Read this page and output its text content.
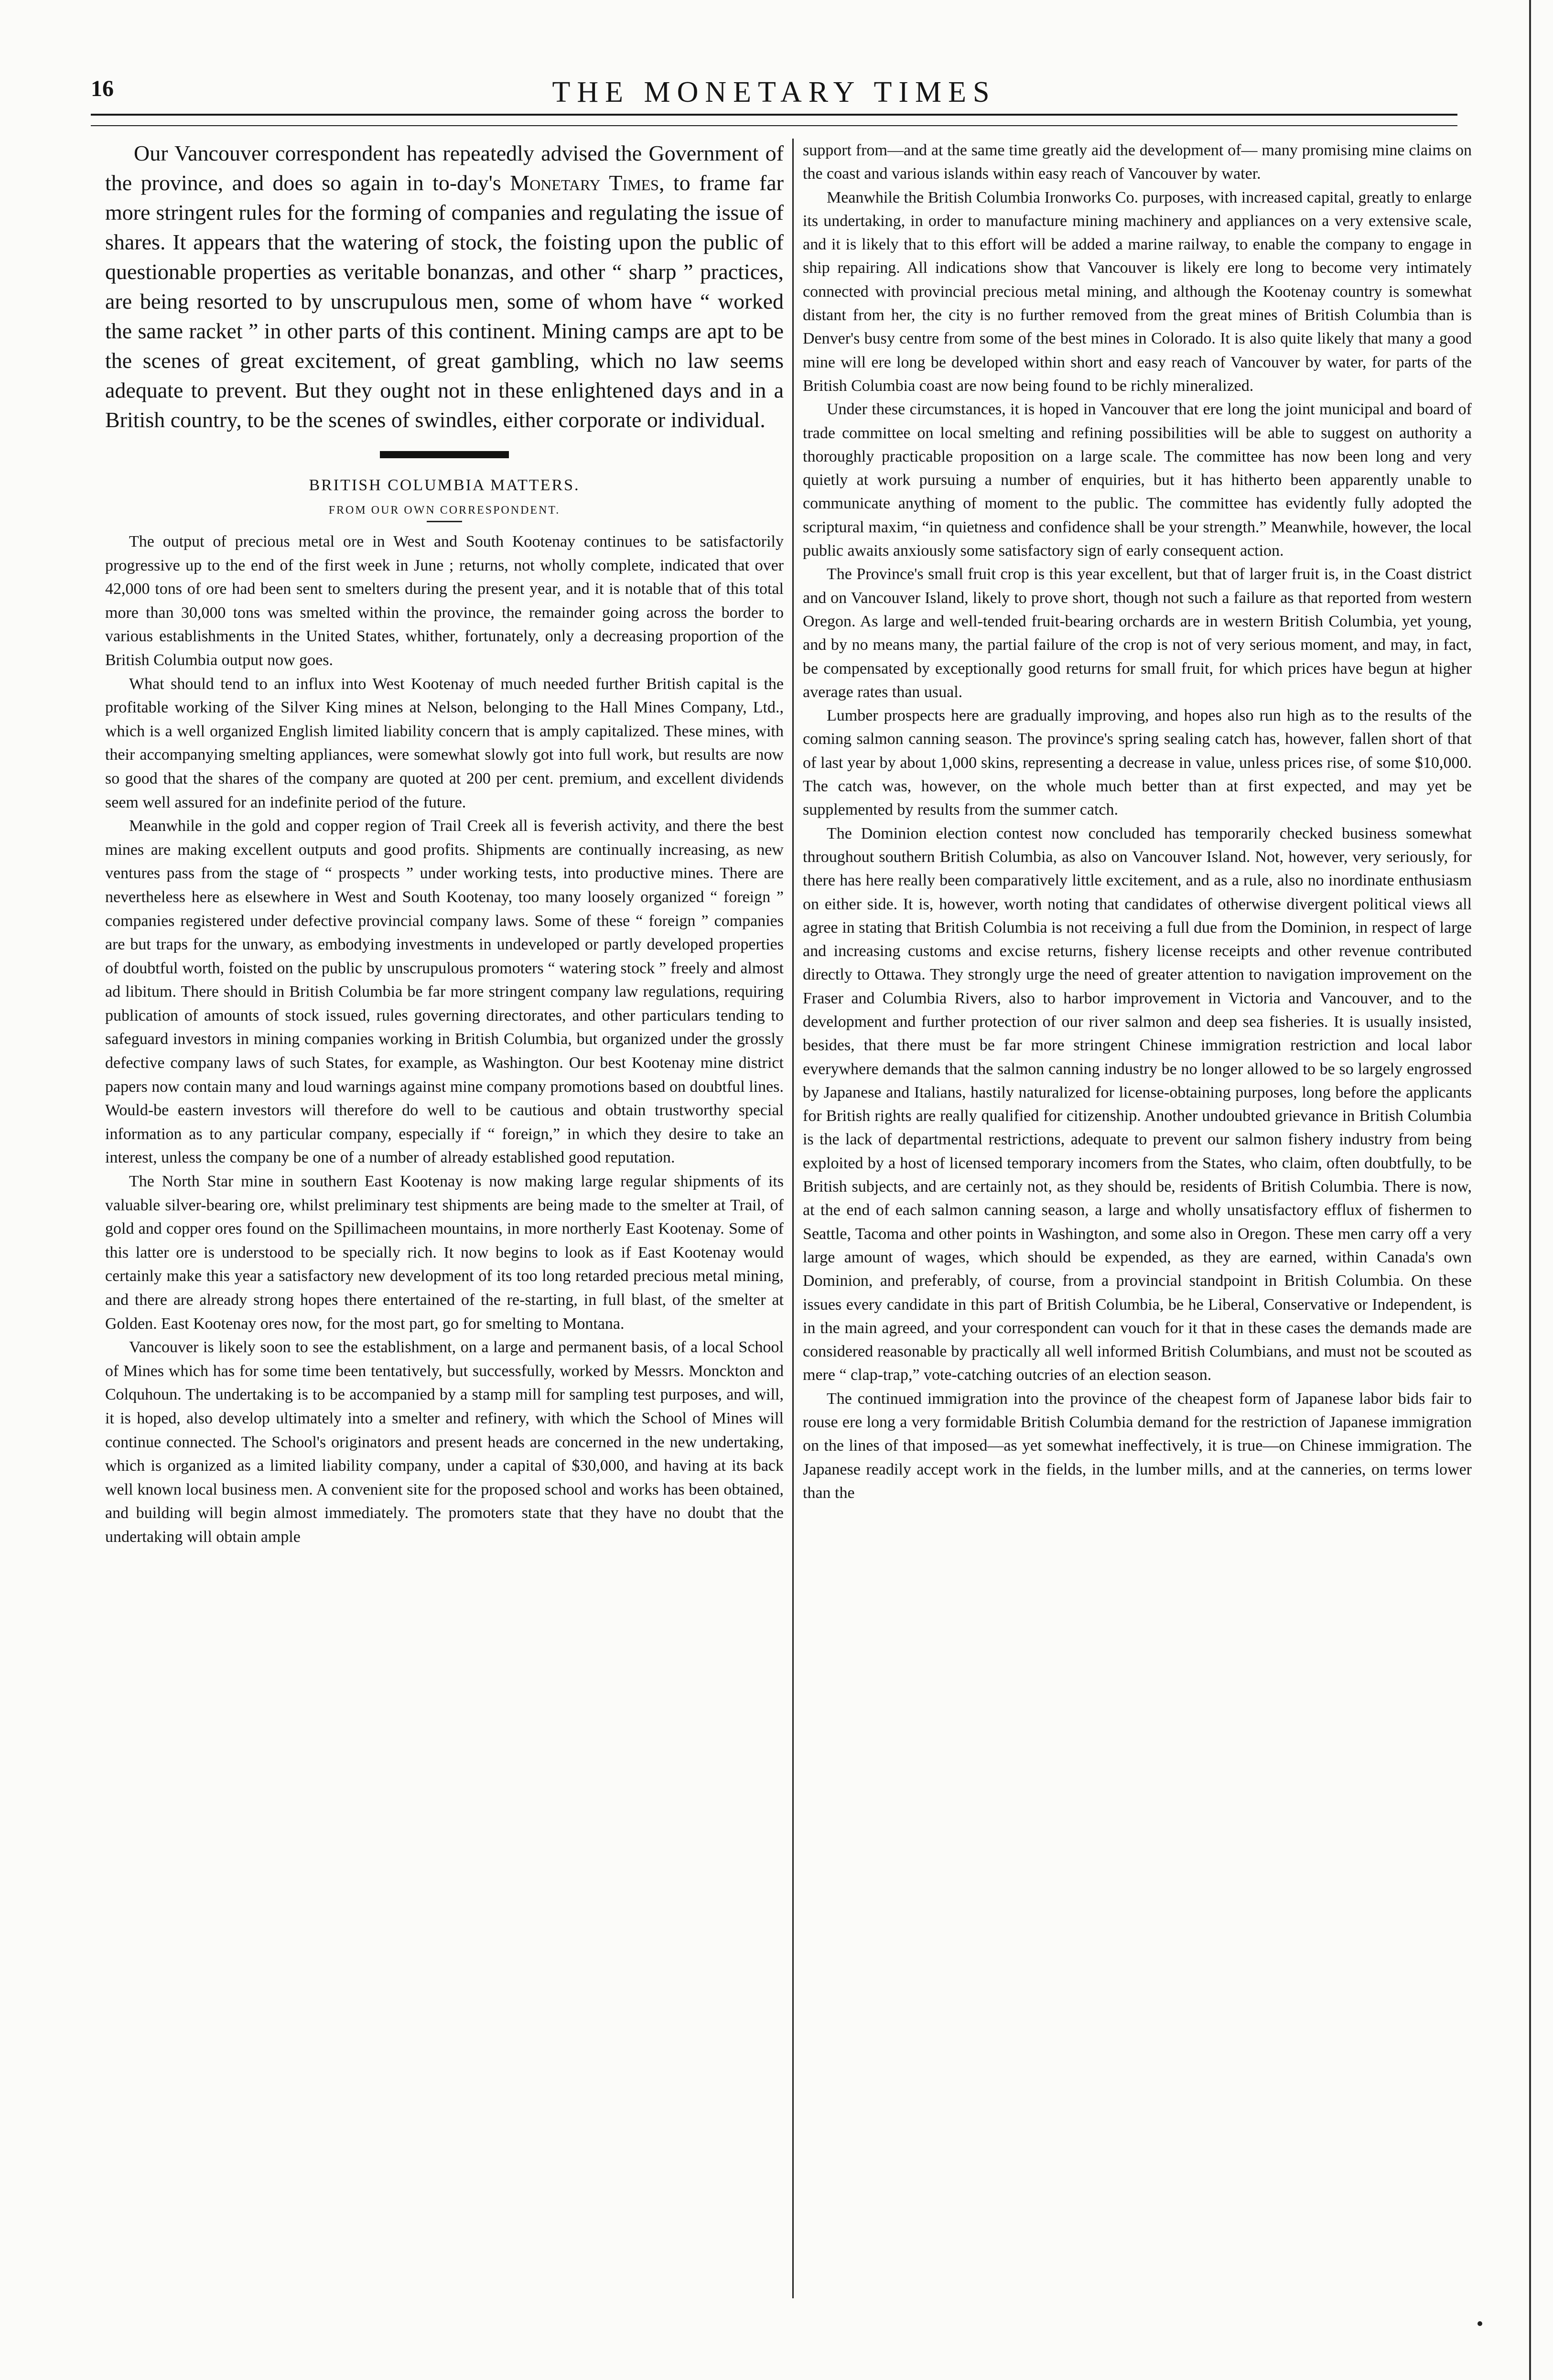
16	THE MONETARY TIMES

Our Vancouver correspondent has repeatedly advised the Government of the province, and does so again in to-day's Monetary Times, to frame far more stringent rules for the forming of companies and regulating the issue of shares. It appears that the watering of stock, the foisting upon the public of questionable properties as veritable bonanzas, and other “ sharp ” practices, are being resorted to by unscrupulous men, some of whom have “ worked the same racket ” in other parts of this continent. Mining camps are apt to be the scenes of great excitement, of great gambling, which no law seems adequate to prevent. But they ought not in these enlightened days and in a British country, to be the scenes of swindles, either corporate or individual.

BRITISH COLUMBIA MATTERS.
FROM OUR OWN CORRESPONDENT.

The output of precious metal ore in West and South Kootenay continues to be satisfactorily progressive up to the end of the first week in June ; returns, not wholly complete, indicated that over 42,000 tons of ore had been sent to smelters during the present year, and it is notable that of this total more than 30,000 tons was smelted within the province, the remainder going across the border to various establishments in the United States, whither, fortunately, only a decreasing proportion of the British Columbia output now goes.

What should tend to an influx into West Kootenay of much needed further British capital is the profitable working of the Silver King mines at Nelson, belonging to the Hall Mines Company, Ltd., which is a well organized English limited liability concern that is amply capitalized. These mines, with their accompanying smelting appliances, were somewhat slowly got into full work, but results are now so good that the shares of the company are quoted at 200 per cent. premium, and excellent dividends seem well assured for an indefinite period of the future.

Meanwhile in the gold and copper region of Trail Creek all is feverish activity, and there the best mines are making excellent outputs and good profits. Shipments are continually increasing, as new ventures pass from the stage of “ prospects ” under working tests, into productive mines. There are nevertheless here as elsewhere in West and South Kootenay, too many loosely organized “ foreign ” companies registered under defective provincial company laws. Some of these “ foreign ” companies are but traps for the unwary, as embodying investments in undeveloped or partly developed properties of doubtful worth, foisted on the public by unscrupulous promoters “ watering stock ” freely and almost ad libitum. There should in British Columbia be far more stringent company law regulations, requiring publication of amounts of stock issued, rules governing directorates, and other particulars tending to safeguard investors in mining companies working in British Columbia, but organized under the grossly defective company laws of such States, for example, as Washington. Our best Kootenay mine district papers now contain many and loud warnings against mine company promotions based on doubtful lines. Would-be eastern investors will therefore do well to be cautious and obtain trustworthy special information as to any particular company, especially if “ foreign,” in which they desire to take an interest, unless the company be one of a number of already established good reputation.

The North Star mine in southern East Kootenay is now making large regular shipments of its valuable silver-bearing ore, whilst preliminary test shipments are being made to the smelter at Trail, of gold and copper ores found on the Spillimacheen mountains, in more northerly East Kootenay. Some of this latter ore is understood to be specially rich. It now begins to look as if East Kootenay would certainly make this year a satisfactory new development of its too long retarded precious metal mining, and there are already strong hopes there entertained of the re-starting, in full blast, of the smelter at Golden. East Kootenay ores now, for the most part, go for smelting to Montana.

Vancouver is likely soon to see the establishment, on a large and permanent basis, of a local School of Mines which has for some time been tentatively, but successfully, worked by Messrs. Monckton and Colquhoun. The undertaking is to be accompanied by a stamp mill for sampling test purposes, and will, it is hoped, also develop ultimately into a smelter and refinery, with which the School of Mines will continue connected. The School's originators and present heads are concerned in the new undertaking, which is organized as a limited liability company, under a capital of $30,000, and having at its back well known local business men. A convenient site for the proposed school and works has been obtained, and building will begin almost immediately. The promoters state that they have no doubt that the undertaking will obtain ample

support from—and at the same time greatly aid the development of— many promising mine claims on the coast and various islands within easy reach of Vancouver by water.

Meanwhile the British Columbia Ironworks Co. purposes, with increased capital, greatly to enlarge its undertaking, in order to manufacture mining machinery and appliances on a very extensive scale, and it is likely that to this effort will be added a marine railway, to enable the company to engage in ship repairing. All indications show that Vancouver is likely ere long to become very intimately connected with provincial precious metal mining, and although the Kootenay country is somewhat distant from her, the city is no further removed from the great mines of British Columbia than is Denver's busy centre from some of the best mines in Colorado. It is also quite likely that many a good mine will ere long be developed within short and easy reach of Vancouver by water, for parts of the British Columbia coast are now being found to be richly mineralized.

Under these circumstances, it is hoped in Vancouver that ere long the joint municipal and board of trade committee on local smelting and refining possibilities will be able to suggest on authority a thoroughly practicable proposition on a large scale. The committee has now been long and very quietly at work pursuing a number of enquiries, but it has hitherto been apparently unable to communicate anything of moment to the public. The committee has evidently fully adopted the scriptural maxim, “in quietness and confidence shall be your strength.” Meanwhile, however, the local public awaits anxiously some satisfactory sign of early consequent action.

The Province's small fruit crop is this year excellent, but that of larger fruit is, in the Coast district and on Vancouver Island, likely to prove short, though not such a failure as that reported from western Oregon. As large and well-tended fruit-bearing orchards are in western British Columbia, yet young, and by no means many, the partial failure of the crop is not of very serious moment, and may, in fact, be compensated by exceptionally good returns for small fruit, for which prices have begun at higher average rates than usual.

Lumber prospects here are gradually improving, and hopes also run high as to the results of the coming salmon canning season. The province's spring sealing catch has, however, fallen short of that of last year by about 1,000 skins, representing a decrease in value, unless prices rise, of some $10,000. The catch was, however, on the whole much better than at first expected, and may yet be supplemented by results from the summer catch.

The Dominion election contest now concluded has temporarily checked business somewhat throughout southern British Columbia, as also on Vancouver Island. Not, however, very seriously, for there has here really been comparatively little excitement, and as a rule, also no inordinate enthusiasm on either side. It is, however, worth noting that candidates of otherwise divergent political views all agree in stating that British Columbia is not receiving a full due from the Dominion, in respect of large and increasing customs and excise returns, fishery license receipts and other revenue contributed directly to Ottawa. They strongly urge the need of greater attention to navigation improvement on the Fraser and Columbia Rivers, also to harbor improvement in Victoria and Vancouver, and to the development and further protection of our river salmon and deep sea fisheries. It is usually insisted, besides, that there must be far more stringent Chinese immigration restriction and local labor everywhere demands that the salmon canning industry be no longer allowed to be so largely engrossed by Japanese and Italians, hastily naturalized for license-obtaining purposes, long before the applicants for British rights are really qualified for citizenship. Another undoubted grievance in British Columbia is the lack of departmental restrictions, adequate to prevent our salmon fishery industry from being exploited by a host of licensed temporary incomers from the States, who claim, often doubtfully, to be British subjects, and are certainly not, as they should be, residents of British Columbia. There is now, at the end of each salmon canning season, a large and wholly unsatisfactory efflux of fishermen to Seattle, Tacoma and other points in Washington, and some also in Oregon. These men carry off a very large amount of wages, which should be expended, as they are earned, within Canada's own Dominion, and preferably, of course, from a provincial standpoint in British Columbia. On these issues every candidate in this part of British Columbia, be he Liberal, Conservative or Independent, is in the main agreed, and your correspondent can vouch for it that in these cases the demands made are considered reasonable by practically all well informed British Columbians, and must not be scouted as mere “ clap-trap,” vote-catching outcries of an election season.

The continued immigration into the province of the cheapest form of Japanese labor bids fair to rouse ere long a very formidable British Columbia demand for the restriction of Japanese immigration on the lines of that imposed—as yet somewhat ineffectively, it is true—on Chinese immigration. The Japanese readily accept work in the fields, in the lumber mills, and at the canneries, on terms lower than the
